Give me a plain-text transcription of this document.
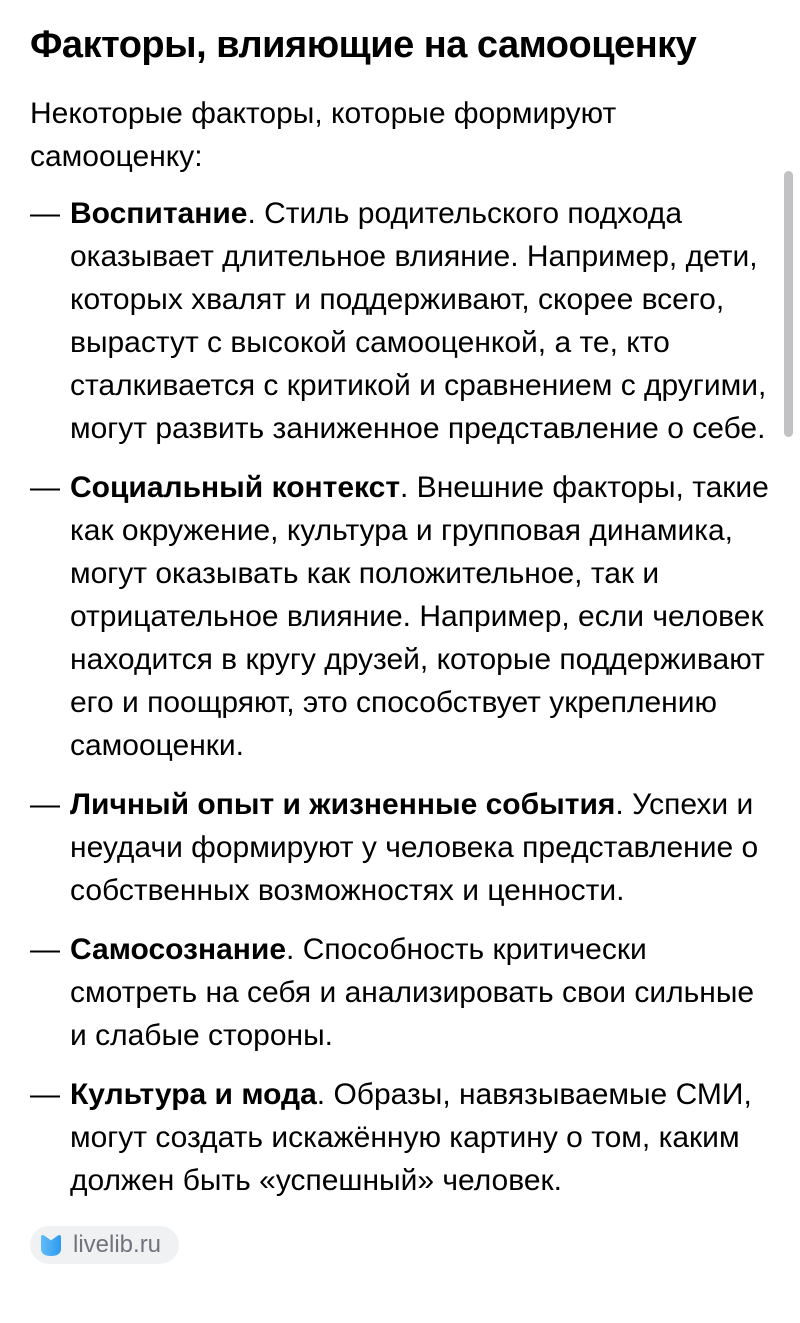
Факторы, влияющие на самооценку

Некоторые факторы, которые формируют самооценку:

— Воспитание. Стиль родительского подхода оказывает длительное влияние. Например, дети, которых хвалят и поддерживают, скорее всего, вырастут с высокой самооценкой, а те, кто сталкивается с критикой и сравнением с другими, могут развить заниженное представление о себе.
— Социальный контекст. Внешние факторы, такие как окружение, культура и групповая динамика, могут оказывать как положительное, так и отрицательное влияние. Например, если человек находится в кругу друзей, которые поддерживают его и поощряют, это способствует укреплению самооценки.
— Личный опыт и жизненные события. Успехи и неудачи формируют у человека представление о собственных возможностях и ценности.
— Самосознание. Способность критически смотреть на себя и анализировать свои сильные и слабые стороны.
— Культура и мода. Образы, навязываемые СМИ, могут создать искажённую картину о том, каким должен быть «успешный» человек.
livelib.ru
